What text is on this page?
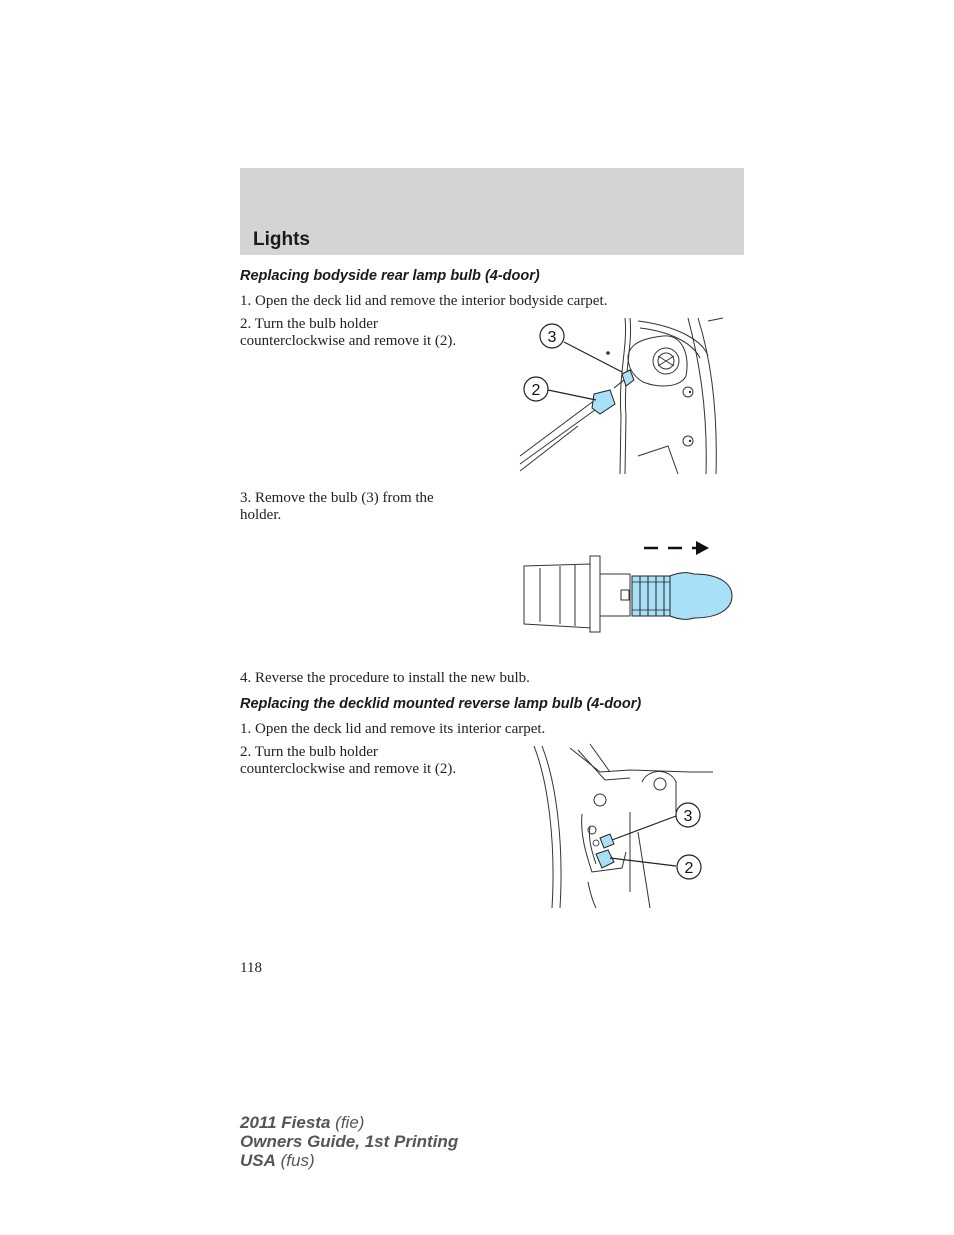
Lights
Replacing bodyside rear lamp bulb (4-door)
1. Open the deck lid and remove the interior bodyside carpet.
2. Turn the bulb holder
counterclockwise and remove it (2).	3
2
3. Remove the bulb (3) from the
holder.
4. Reverse the procedure to install the new bulb.
Replacing the decklid mounted reverse lamp bulb (4-door)
1. Open the deck lid and remove its interior carpet.
2. Turn the bulb holder
counterclockwise and remove it (2).
3
2
118
2011 Fiesta (fie)
Owners Guide, 1st Printing
USA (fus)
